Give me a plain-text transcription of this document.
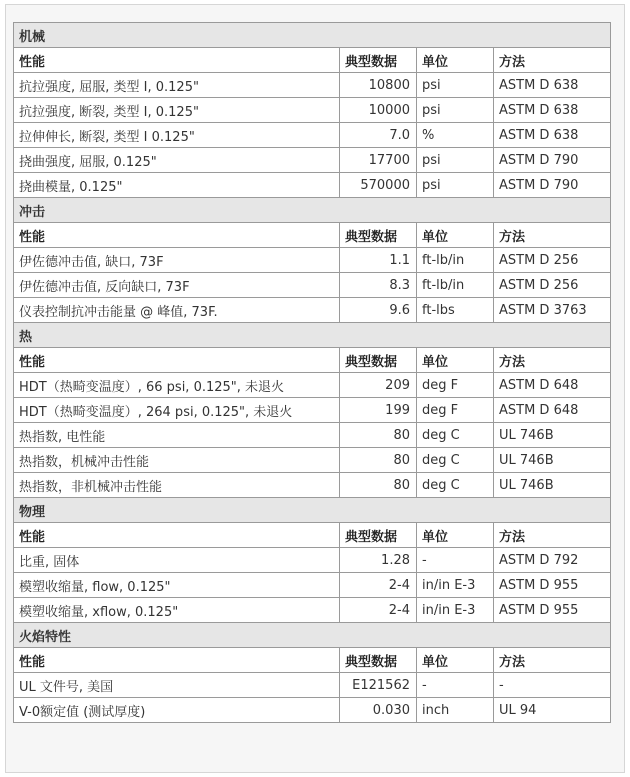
机械			
性能	典型数据	单位	方法
抗拉强度, 屈服, 类型 I, 0.125"	10800	psi	ASTM D 638
抗拉强度, 断裂, 类型 I, 0.125"	10000	psi	ASTM D 638
拉伸伸长, 断裂, 类型 I 0.125"	7.0	%	ASTM D 638
挠曲强度, 屈服, 0.125"	17700	psi	ASTM D 790
挠曲模量, 0.125"	570000	psi	ASTM D 790
冲击			
性能	典型数据	单位	方法
伊佐德冲击值, 缺口, 73F	1.1	ft-lb/in	ASTM D 256
伊佐德冲击值, 反向缺口, 73F	8.3	ft-lb/in	ASTM D 256
仪表控制抗冲击能量 @ 峰值, 73F.	9.6	ft-lbs	ASTM D 3763
热			
性能	典型数据	单位	方法
HDT（热畸变温度）, 66 psi, 0.125", 未退火	209	deg F	ASTM D 648
HDT（热畸变温度）, 264 psi, 0.125", 未退火	199	deg F	ASTM D 648
热指数, 电性能	80	deg C	UL 746B
热指数，机械冲击性能	80	deg C	UL 746B
热指数，非机械冲击性能	80	deg C	UL 746B
物理			
性能	典型数据	单位	方法
比重, 固体	1.28	-	ASTM D 792
模塑收缩量, flow, 0.125"	2-4	in/in E-3	ASTM D 955
模塑收缩量, xflow, 0.125"	2-4	in/in E-3	ASTM D 955
火焰特性			
性能	典型数据	单位	方法
UL 文件号, 美国	E121562	-	-
V-0额定值 (测试厚度)	0.030	inch	UL 94
